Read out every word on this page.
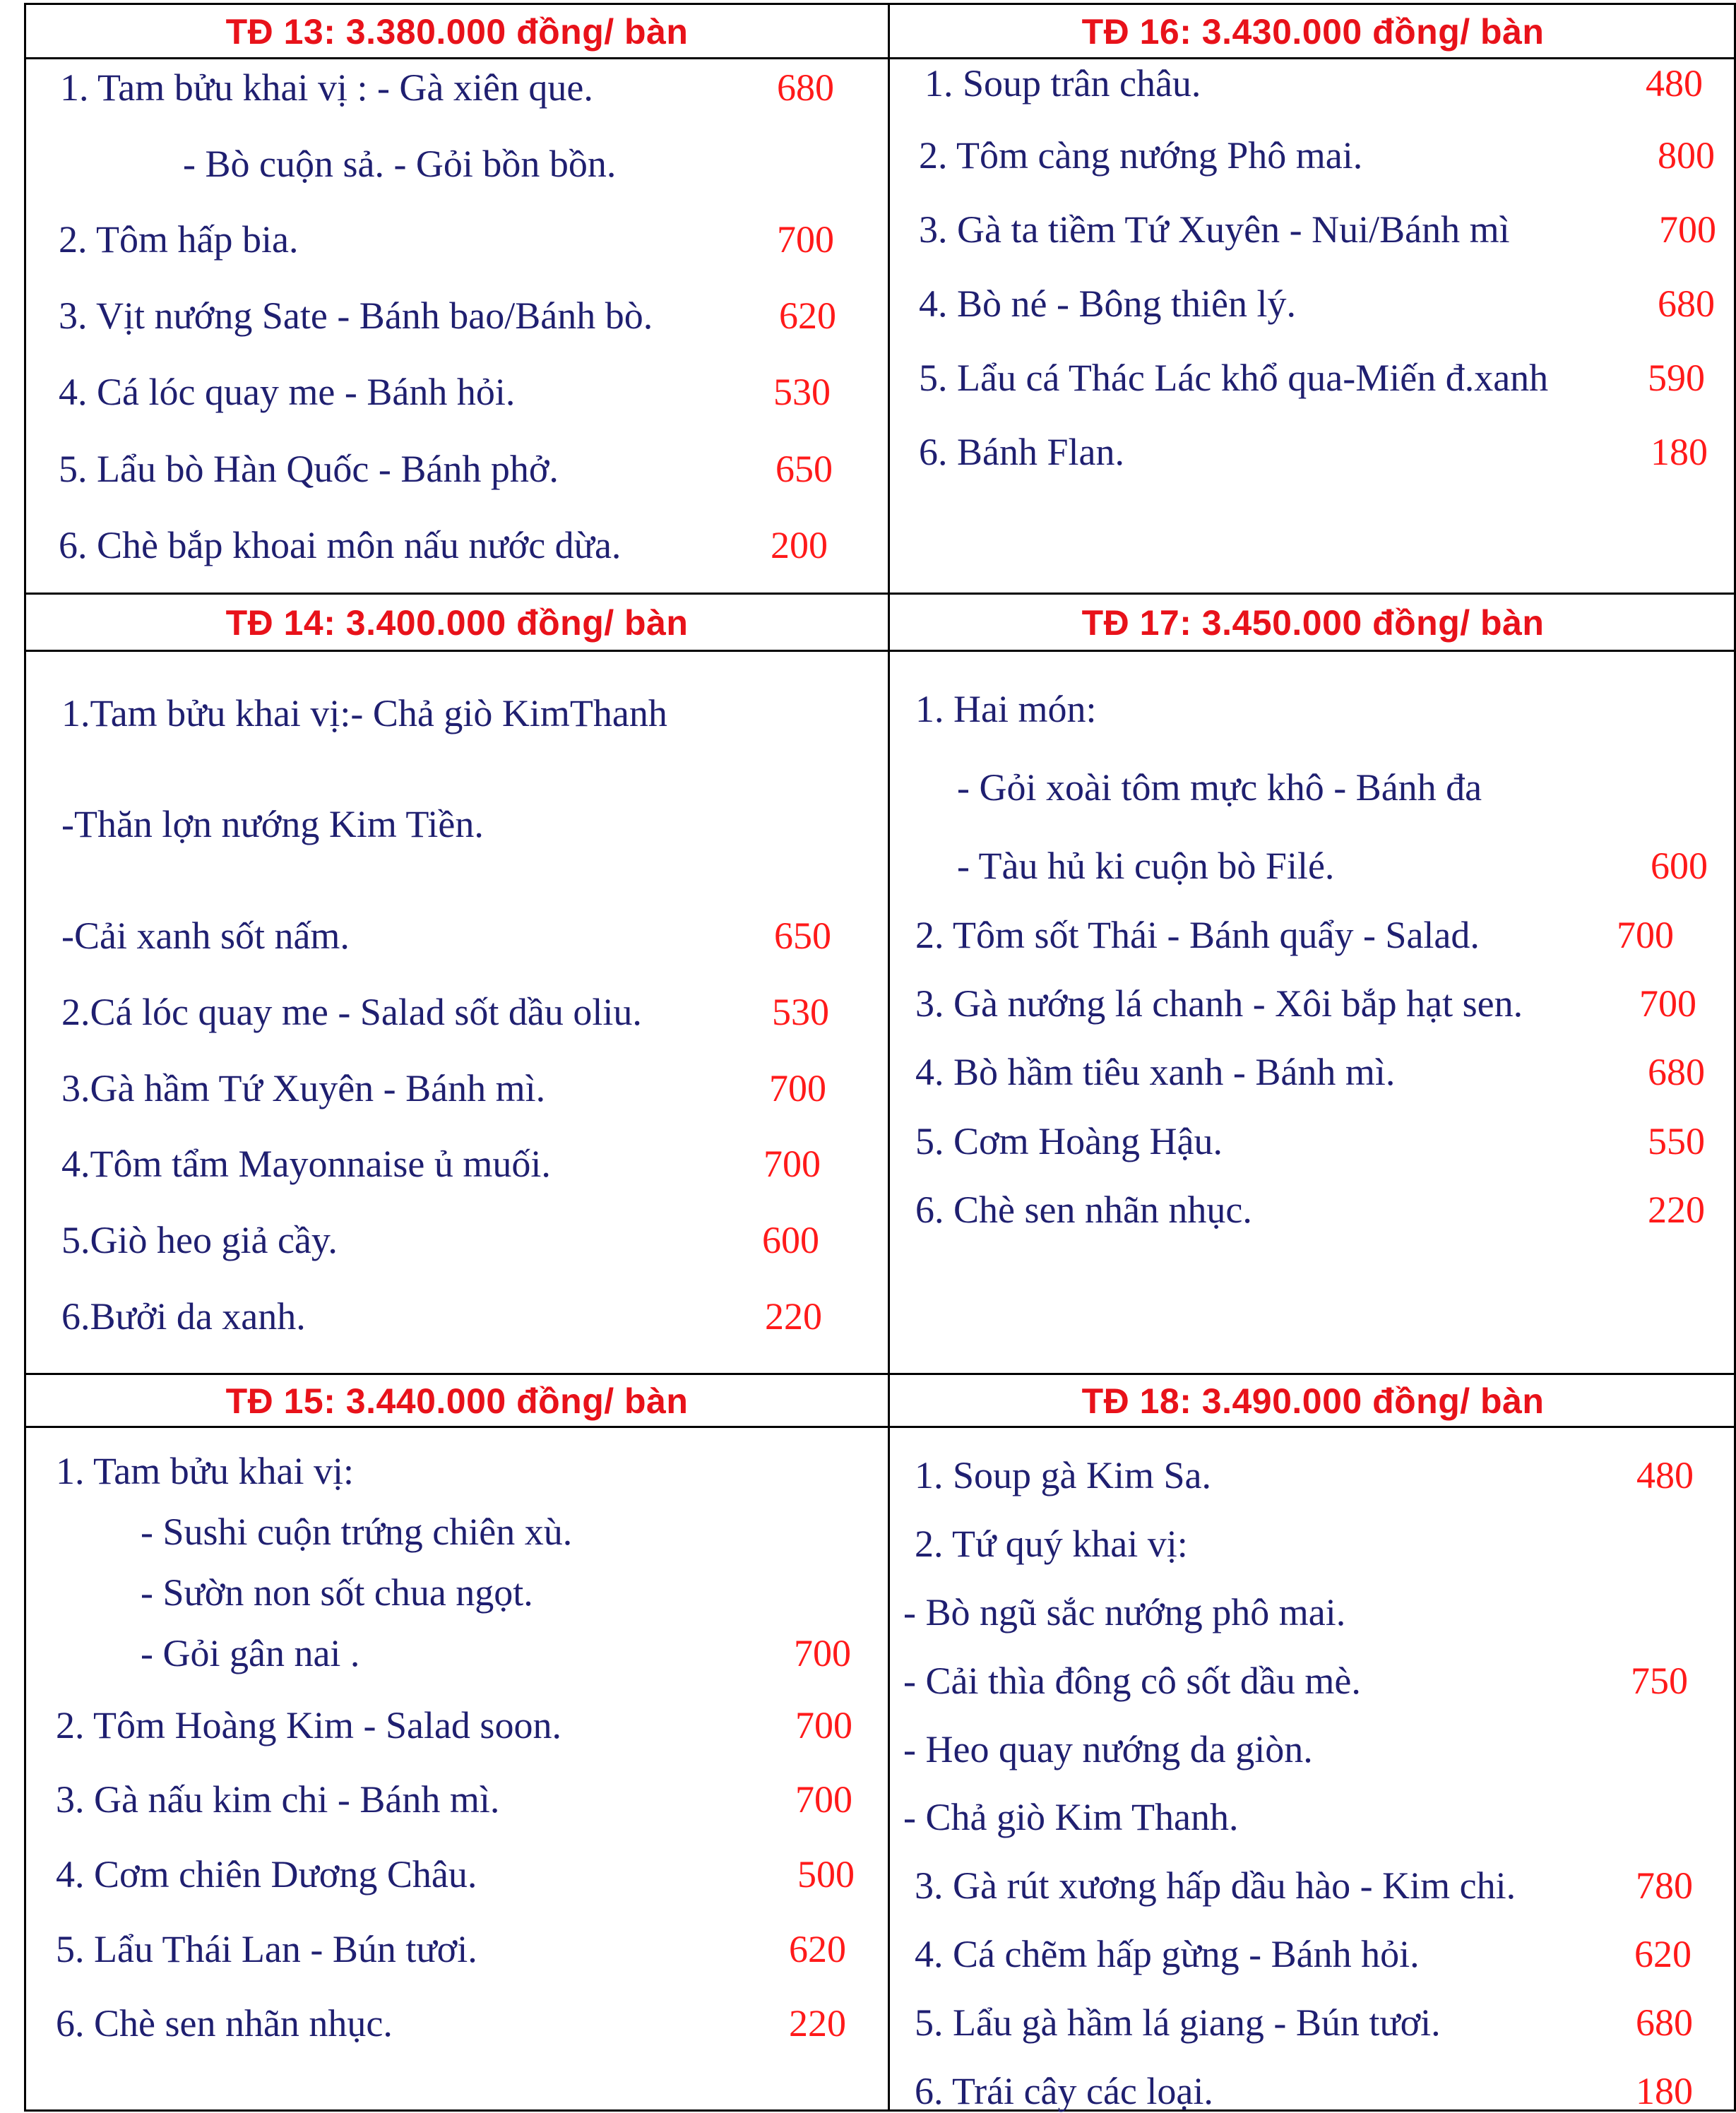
TĐ 13: 3.380.000 đồng/ bàn
1. Tam bửu khai vị : - Gà xiên que.
- Bò cuộn sả. - Gỏi bồn bồn.
2. Tôm hấp bia.
3. Vịt nướng Sate - Bánh bao/Bánh bò.
4. Cá lóc quay me - Bánh hỏi.
5. Lẩu bò Hàn Quốc - Bánh phở.
6. Chè bắp khoai môn nấu nước dừa.
680
700
620
530
650
200
TĐ 16: 3.430.000 đồng/ bàn
1. Soup trân châu.
2. Tôm càng nướng Phô mai.
3. Gà ta tiềm Tứ Xuyên - Nui/Bánh mì
4. Bò né - Bông thiên lý.
5. Lẩu cá Thác Lác khổ qua-Miến đ.xanh
6. Bánh Flan.
480
800
700
680
590
180
TĐ 14: 3.400.000 đồng/ bàn
1.Tam bửu khai vị:- Chả giò KimThanh
-Thăn lợn nướng Kim Tiền.
-Cải xanh sốt nấm.
2.Cá lóc quay me - Salad sốt dầu oliu.
3.Gà hầm Tứ Xuyên - Bánh mì.
4.Tôm tẩm Mayonnaise ủ muối.
5.Giò heo giả cầy.
6.Bưởi da xanh.
650
530
700
700
600
220
TĐ 17: 3.450.000 đồng/ bàn
1. Hai món:
- Gỏi xoài tôm mực khô - Bánh đa
- Tàu hủ ki cuộn bò Filé.
2. Tôm sốt Thái - Bánh quẩy - Salad.
3. Gà nướng lá chanh - Xôi bắp hạt sen.
4. Bò hầm tiêu xanh - Bánh mì.
5. Cơm Hoàng Hậu.
6. Chè sen nhãn nhục.
600
700
700
680
550
220
TĐ 15: 3.440.000 đồng/ bàn
1. Tam bửu khai vị:
- Sushi cuộn trứng chiên xù.
- Sườn non sốt chua ngọt.
- Gỏi gân nai .
2. Tôm Hoàng Kim - Salad soon.
3. Gà nấu kim chi - Bánh mì.
4. Cơm chiên Dương Châu.
5. Lẩu Thái Lan - Bún tươi.
6. Chè sen nhãn nhục.
700
700
700
500
620
220
TĐ 18: 3.490.000 đồng/ bàn
1. Soup gà Kim Sa.
2. Tứ quý khai vị:
- Bò ngũ sắc nướng phô mai.
- Cải thìa đông cô sốt dầu mè.
- Heo quay nướng da giòn.
- Chả giò Kim Thanh.
3. Gà rút xương hấp dầu hào - Kim chi.
4. Cá chẽm hấp gừng - Bánh hỏi.
5. Lẩu gà hầm lá giang - Bún tươi.
6. Trái cây các loại.
480
750
780
620
680
180
